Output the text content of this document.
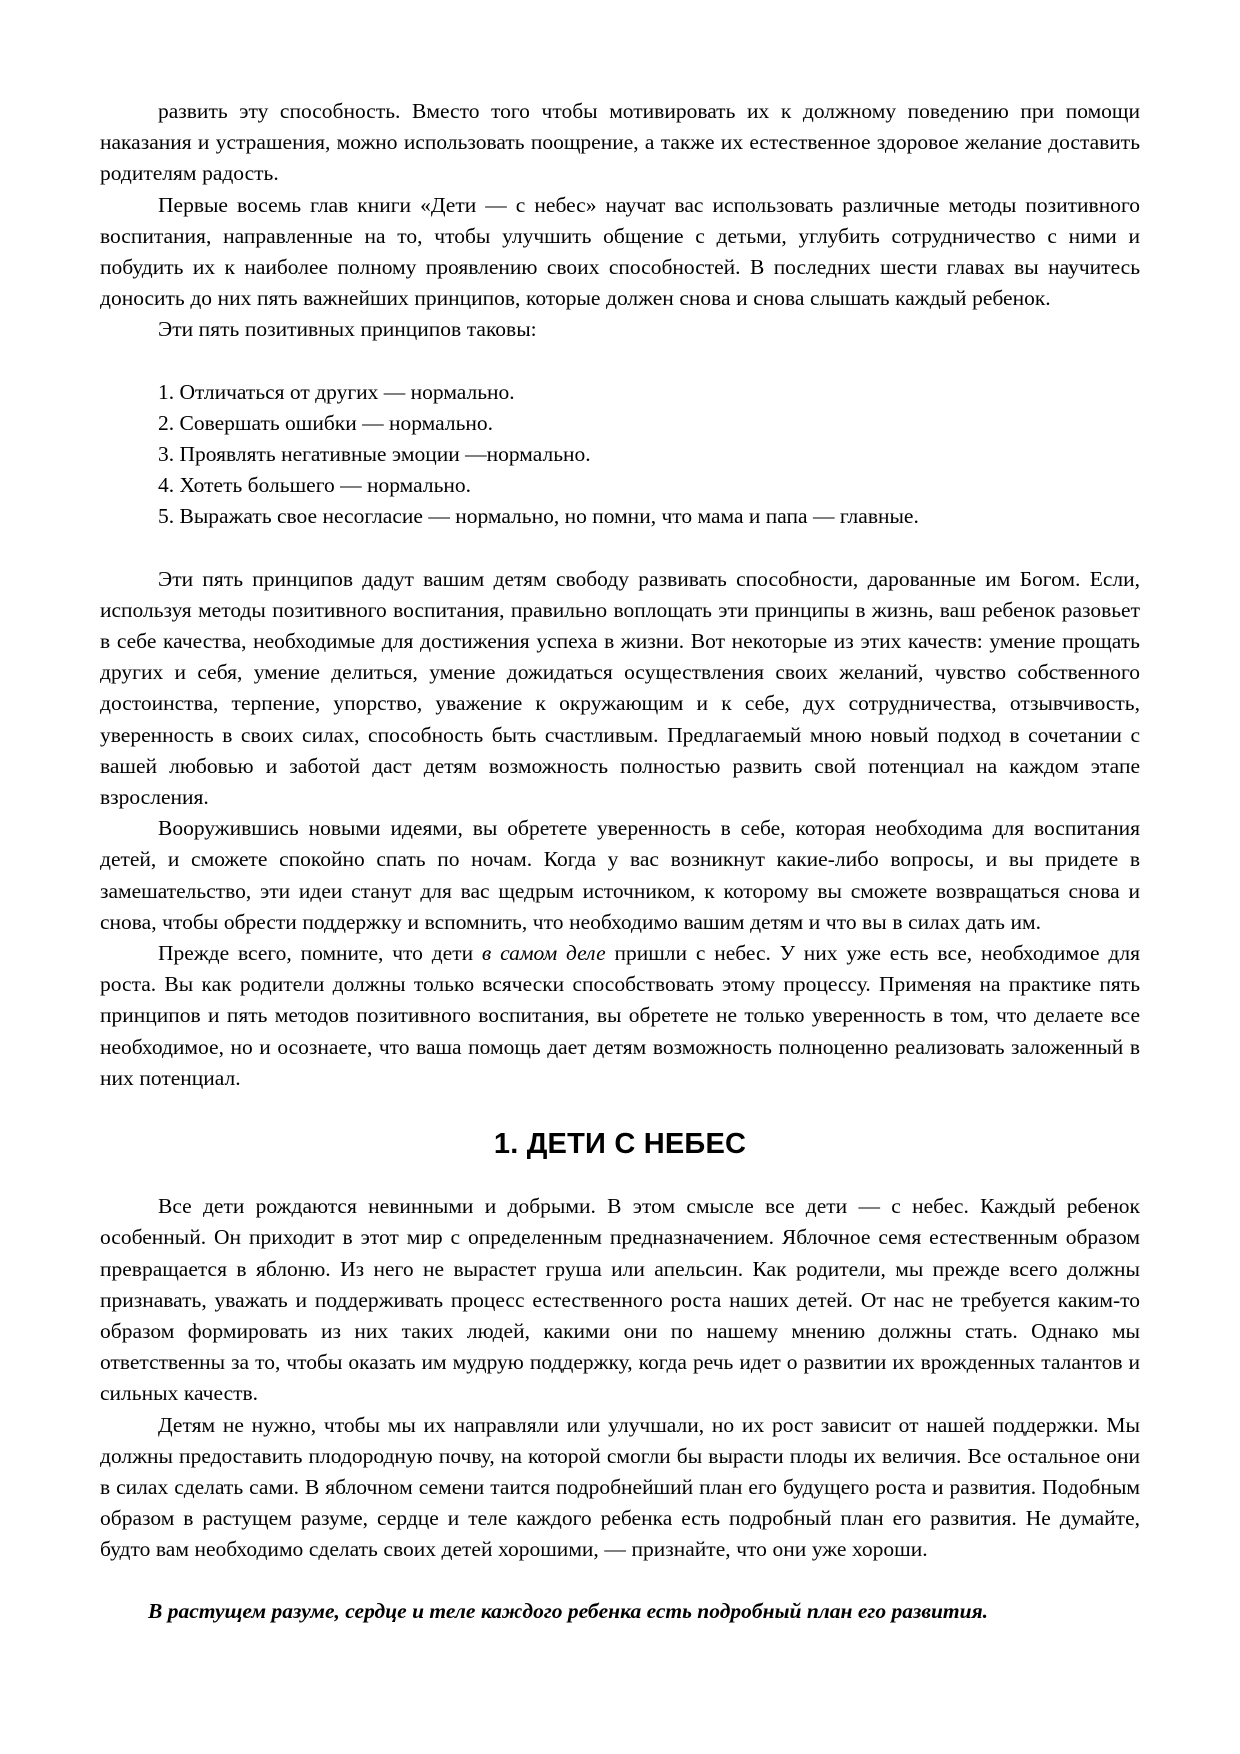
развить эту способность. Вместо того чтобы мотивировать их к должному поведению при помощи наказания и устрашения, можно использовать поощрение, а также их естественное здоровое желание доставить родителям радость.

Первые восемь глав книги «Дети — с небес» научат вас использовать различные методы позитивного воспитания, направленные на то, чтобы улучшить общение с детьми, углубить сотрудничество с ними и побудить их к наиболее полному проявлению своих способностей. В последних шести главах вы научитесь доносить до них пять важнейших принципов, которые должен снова и снова слышать каждый ребенок.

Эти пять позитивных принципов таковы:

1. Отличаться от других — нормально.
2. Совершать ошибки — нормально.
3. Проявлять негативные эмоции —нормально.
4. Хотеть большего — нормально.
5. Выражать свое несогласие — нормально, но помни, что мама и папа — главные.

Эти пять принципов дадут вашим детям свободу развивать способности, дарованные им Богом. Если, используя методы позитивного воспитания, правильно воплощать эти принципы в жизнь, ваш ребенок разовьет в себе качества, необходимые для достижения успеха в жизни. Вот некоторые из этих качеств: умение прощать других и себя, умение делиться, умение дожидаться осуществления своих желаний, чувство собственного достоинства, терпение, упорство, уважение к окружающим и к себе, дух сотрудничества, отзывчивость, уверенность в своих силах, способность быть счастливым. Предлагаемый мною новый подход в сочетании с вашей любовью и заботой даст детям возможность полностью развить свой потенциал на каждом этапе взросления.

Вооружившись новыми идеями, вы обретете уверенность в себе, которая необходима для воспитания детей, и сможете спокойно спать по ночам. Когда у вас возникнут какие-либо вопросы, и вы придете в замешательство, эти идеи станут для вас щедрым источником, к которому вы сможете возвращаться снова и снова, чтобы обрести поддержку и вспомнить, что необходимо вашим детям и что вы в силах дать им.

Прежде всего, помните, что дети в самом деле пришли с небес. У них уже есть все, необходимое для роста. Вы как родители должны только всячески способствовать этому процессу. Применяя на практике пять принципов и пять методов позитивного воспитания, вы обретете не только уверенность в том, что делаете все необходимое, но и осознаете, что ваша помощь дает детям возможность полноценно реализовать заложенный в них потенциал.

1. ДЕТИ С НЕБЕС

Все дети рождаются невинными и добрыми. В этом смысле все дети — с небес. Каждый ребенок особенный. Он приходит в этот мир с определенным предназначением. Яблочное семя естественным образом превращается в яблоню. Из него не вырастет груша или апельсин. Как родители, мы прежде всего должны признавать, уважать и поддерживать процесс естественного роста наших детей. От нас не требуется каким-то образом формировать из них таких людей, какими они по нашему мнению должны стать. Однако мы ответственны за то, чтобы оказать им мудрую поддержку, когда речь идет о развитии их врожденных талантов и сильных качеств.

Детям не нужно, чтобы мы их направляли или улучшали, но их рост зависит от нашей поддержки. Мы должны предоставить плодородную почву, на которой смогли бы вырасти плоды их величия. Все остальное они в силах сделать сами. В яблочном семени таится подробнейший план его будущего роста и развития. Подобным образом в растущем разуме, сердце и теле каждого ребенка есть подробный план его развития. Не думайте, будто вам необходимо сделать своих детей хорошими, — признайте, что они уже хороши.

В растущем разуме, сердце и теле каждого ребенка есть подробный план его развития.
